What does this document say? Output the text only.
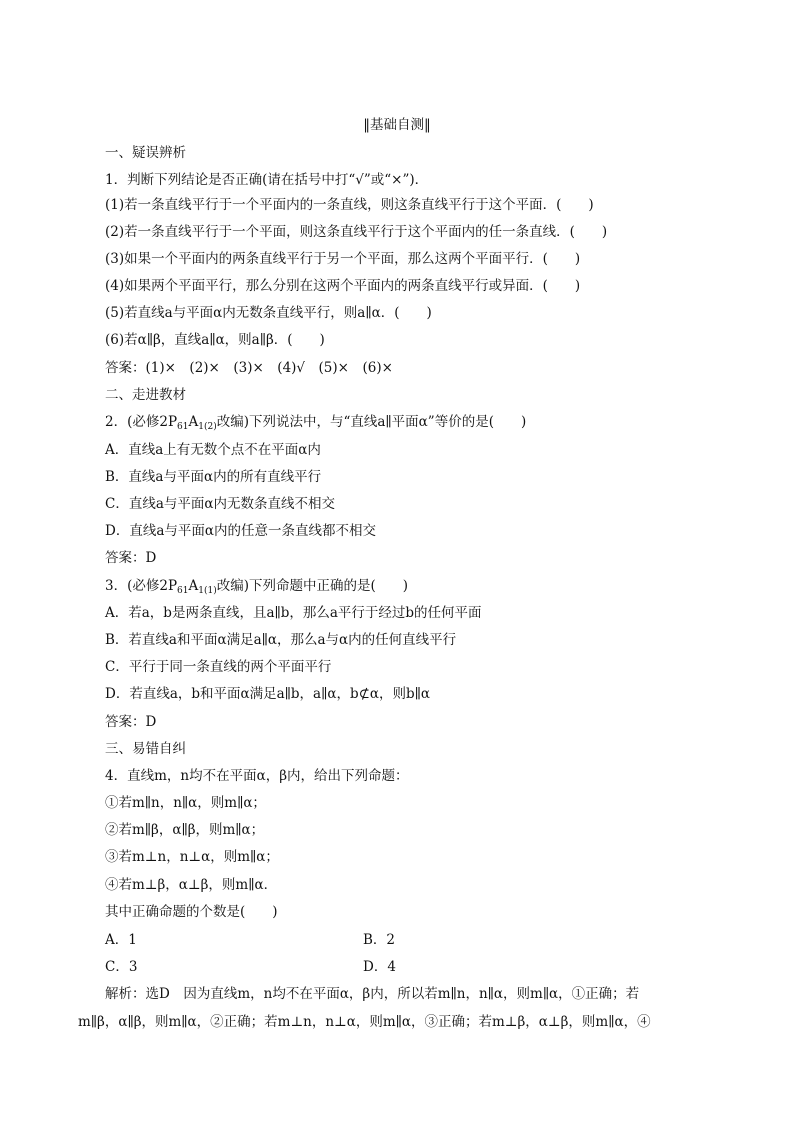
‖基础自测‖
一、疑误辨析
1．判断下列结论是否正确(请在括号中打“√”或“×”)．
(1)若一条直线平行于一个平面内的一条直线，则这条直线平行于这个平面．(　　)
(2)若一条直线平行于一个平面，则这条直线平行于这个平面内的任一条直线．(　　)
(3)如果一个平面内的两条直线平行于另一个平面，那么这两个平面平行．(　　)
(4)如果两个平面平行，那么分别在这两个平面内的两条直线平行或异面．(　　)
(5)若直线a与平面α内无数条直线平行，则a∥α．(　　)
(6)若α∥β，直线a∥α，则a∥β．(　　)
答案：(1)×　(2)×　(3)×　(4)√　(5)×　(6)×
二、走进教材
2．(必修$2P_{61}A_{1(2)}$改编)下列说法中，与“直线a∥平面α”等价的是(　　)
A．直线a上有无数个点不在平面α内
B．直线a与平面α内的所有直线平行
C．直线a与平面α内无数条直线不相交
D．直线a与平面α内的任意一条直线都不相交
答案：D
3．(必修$2P_{61}A_{1(1)}$改编)下列命题中正确的是(　　)
A．若a，b是两条直线，且a∥b，那么a平行于经过b的任何平面
B．若直线a和平面α满足a∥α，那么a与α内的任何直线平行
C．平行于同一条直线的两个平面平行
D．若直线a，b和平面α满足a∥b，a∥α，b⊄α，则b∥α
答案：D
三、易错自纠
4．直线m，n均不在平面α，β内，给出下列命题：
①若m∥n，n∥α，则m∥α；
②若m∥β，α∥β，则m∥α；
③若m⊥n，n⊥α，则m∥α；
④若m⊥β，α⊥β，则m∥α．
其中正确命题的个数是(　　)
A．1	B．2
C．3	D．4
解析：选D　因为直线m，n均不在平面α，β内，所以若m∥n，n∥α，则m∥α，①正确；若
m∥β，α∥β，则m∥α，②正确；若m⊥n，n⊥α，则m∥α，③正确；若m⊥β，α⊥β，则m∥α，④
